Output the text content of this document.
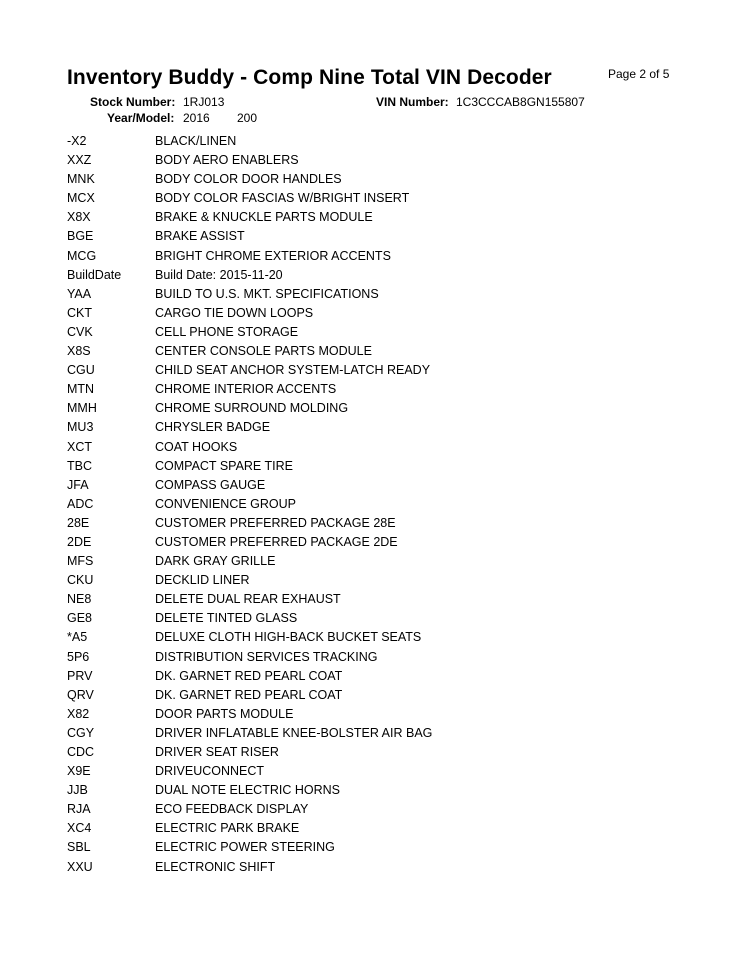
Inventory Buddy - Comp Nine Total VIN Decoder	Page 2 of 5
Stock Number: 1RJ013	VIN Number: 1C3CCCAB8GN155807
Year/Model: 2016 200
-X2	BLACK/LINEN
XXZ	BODY AERO ENABLERS
MNK	BODY COLOR DOOR HANDLES
MCX	BODY COLOR FASCIAS W/BRIGHT INSERT
X8X	BRAKE & KNUCKLE PARTS MODULE
BGE	BRAKE ASSIST
MCG	BRIGHT CHROME EXTERIOR ACCENTS
BuildDate	Build Date: 2015-11-20
YAA	BUILD TO U.S. MKT. SPECIFICATIONS
CKT	CARGO TIE DOWN LOOPS
CVK	CELL PHONE STORAGE
X8S	CENTER CONSOLE PARTS MODULE
CGU	CHILD SEAT ANCHOR SYSTEM-LATCH READY
MTN	CHROME INTERIOR ACCENTS
MMH	CHROME SURROUND MOLDING
MU3	CHRYSLER BADGE
XCT	COAT HOOKS
TBC	COMPACT SPARE TIRE
JFA	COMPASS GAUGE
ADC	CONVENIENCE GROUP
28E	CUSTOMER PREFERRED PACKAGE 28E
2DE	CUSTOMER PREFERRED PACKAGE 2DE
MFS	DARK GRAY GRILLE
CKU	DECKLID LINER
NE8	DELETE DUAL REAR EXHAUST
GE8	DELETE TINTED GLASS
*A5	DELUXE CLOTH HIGH-BACK BUCKET SEATS
5P6	DISTRIBUTION SERVICES TRACKING
PRV	DK. GARNET RED PEARL COAT
QRV	DK. GARNET RED PEARL COAT
X82	DOOR PARTS MODULE
CGY	DRIVER INFLATABLE KNEE-BOLSTER AIR BAG
CDC	DRIVER SEAT RISER
X9E	DRIVEUCONNECT
JJB	DUAL NOTE ELECTRIC HORNS
RJA	ECO FEEDBACK DISPLAY
XC4	ELECTRIC PARK BRAKE
SBL	ELECTRIC POWER STEERING
XXU	ELECTRONIC SHIFT
